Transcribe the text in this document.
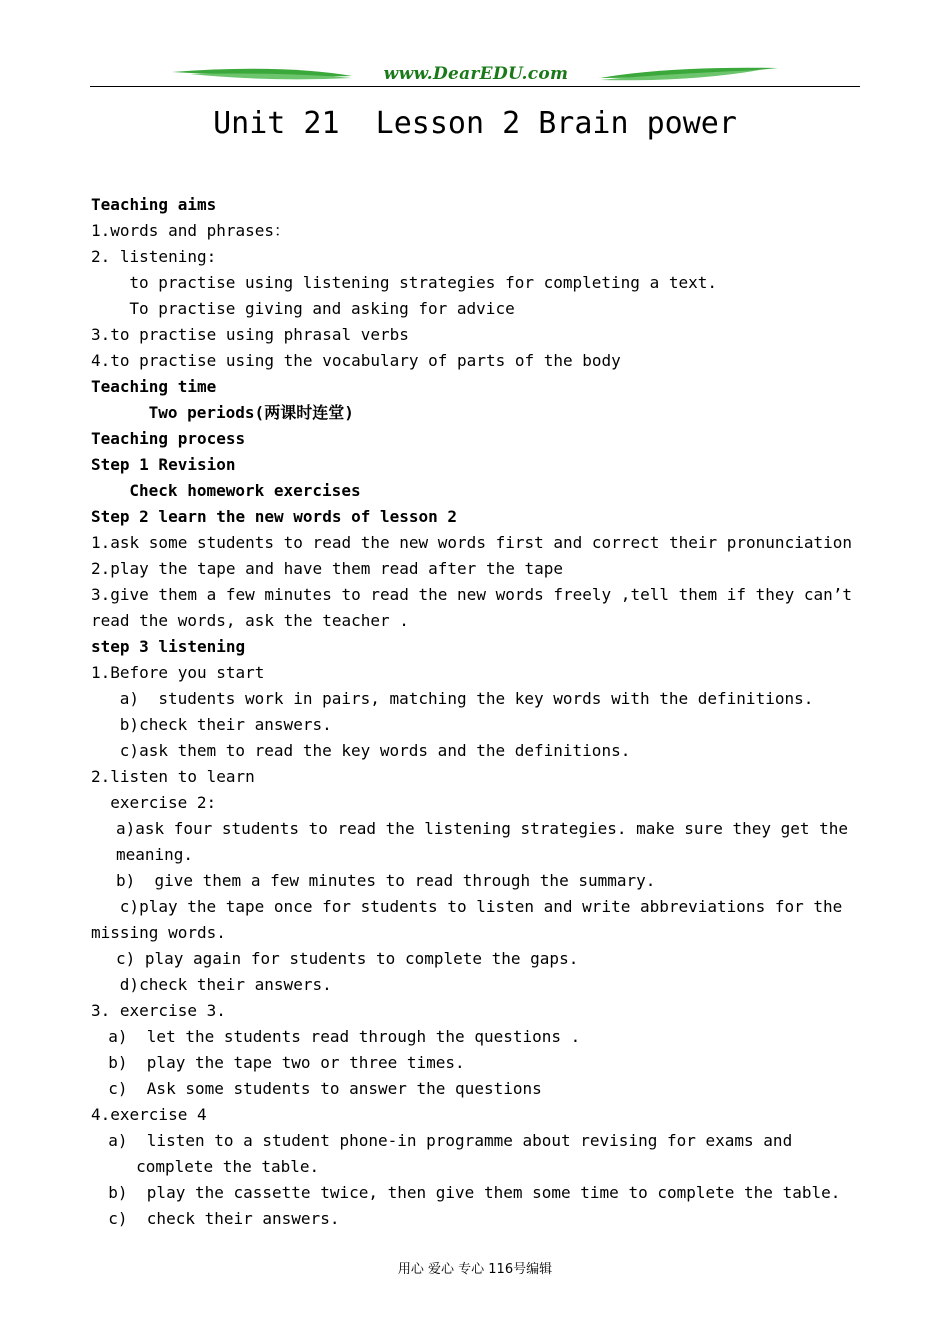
www.DearEDU.com
Unit 21  Lesson 2 Brain power
Teaching aims
1.words and phrases：
2. listening:
to practise using listening strategies for completing a text.
To practise giving and asking for advice
3.to practise using phrasal verbs
4.to practise using the vocabulary of parts of the body
Teaching time
Two periods(两课时连堂)
Teaching process
Step 1 Revision
Check homework exercises
Step 2 learn the new words of lesson 2
1.ask some students to read the new words first and correct their pronunciation
2.play the tape and have them read after the tape
3.give them a few minutes to read the new words freely ,tell them if they can’t
read the words, ask the teacher .
step 3 listening
1.Before you start
a)  students work in pairs, matching the key words with the definitions.
b)check their answers.
c)ask them to read the key words and the definitions.
2.listen to learn
exercise 2:
a)ask four students to read the listening strategies. make sure they get the
meaning.
b)  give them a few minutes to read through the summary.
c)play the tape once for students to listen and write abbreviations for the
missing words.
c) play again for students to complete the gaps.
d)check their answers.
3. exercise 3.
a)  let the students read through the questions .
b)  play the tape two or three times.
c)  Ask some students to answer the questions
4.exercise 4
a)  listen to a student phone-in programme about revising for exams and
complete the table.
b)  play the cassette twice, then give them some time to complete the table.
c)  check their answers.
用心 爱心 专心 116号编辑
